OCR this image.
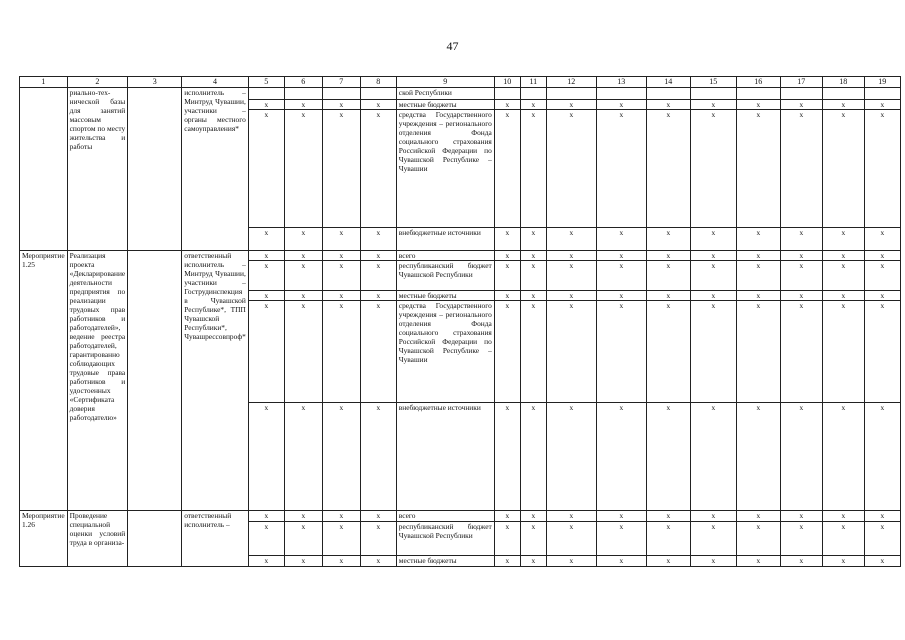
47
1	2	3	4	5	6	7	8	9	10	11	12	13	14	15	16	17	18	19
	риально-тех-ническoй базы для занятий массовым спортом по месту жительства и работы		исполнитель – Минтруд Чувашии, участники – органы местного самоуправления*					ской Республики										
				х	х	х	х	местные бюджеты	х	х	х	х	х	х	х	х	х	х
				х	х	х	х	средства Государственного учреждения – регионального отделения Фонда социального страхования Российской Федерации по Чувашской Республике – Чувашии	х	х	х	х	х	х	х	х	х	х
				х	х	х	х	внебюджетные источники	х	х	х	х	х	х	х	х	х	х
Мероприятие 1.25	Реализация проекта «Декларирование деятельности предприятия по реализации трудовых прав работников и работодателей», ведение реестра работодателей, гарантированно соблюдающих трудовые права работников и удостоенных «Сертификата доверия работодателю»		ответственный исполнитель – Минтруд Чувашии, участники – Гострудинспекция в Чувашской Республике*, ТПП Чувашской Республики*, Чувашрессовпроф*	х	х	х	х	всего	х	х	х	х	х	х	х	х	х	х
				х	х	х	х	республиканский бюджет Чувашской Республики	х	х	х	х	х	х	х	х	х	х
				х	х	х	х	местные бюджеты	х	х	х	х	х	х	х	х	х	х
				х	х	х	х	средства Государственного учреждения – регионального отделения Фонда социального страхования Российской Федерации по Чувашской Республике – Чувашии	х	х	х	х	х	х	х	х	х	х
				х	х	х	х	внебюджетные источники	х	х	х	х	х	х	х	х	х	х
Мероприятие 1.26	Проведение специальной оценки условий труда в организа-		ответственный исполнитель –	х	х	х	х	всего	х	х	х	х	х	х	х	х	х	х
				х	х	х	х	республиканский бюджет Чувашской Республики	х	х	х	х	х	х	х	х	х	х
				х	х	х	х	местные бюджеты	х	х	х	х	х	х	х	х	х	х
